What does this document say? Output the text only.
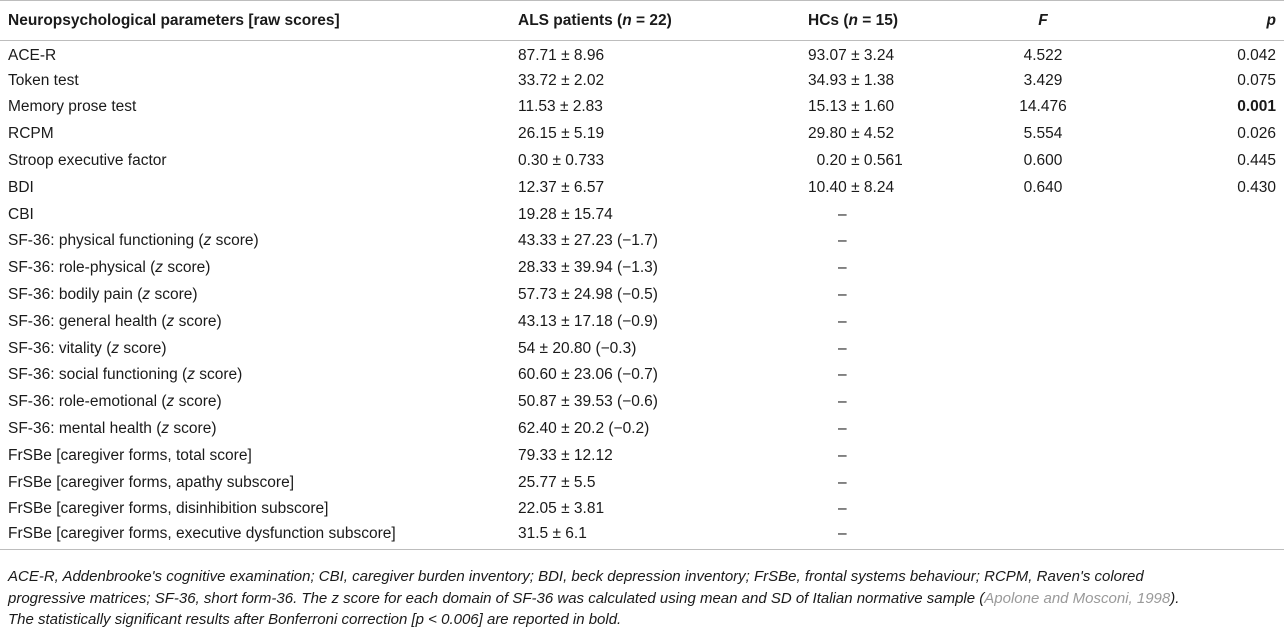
Neuropsychological parameters [raw scores]	ALS patients (n = 22)	HCs (n = 15)	F	p
ACE-R	87.71 ± 8.96	93.07 ± 3.24	4.522	0.042
Token test	33.72 ± 2.02	34.93 ± 1.38	3.429	0.075
Memory prose test	11.53 ± 2.83	15.13 ± 1.60	14.476	0.001
RCPM	26.15 ± 5.19	29.80 ± 4.52	5.554	0.026
Stroop executive factor	0.30 ± 0.733	0.20 ± 0.561	0.600	0.445
BDI	12.37 ± 6.57	10.40 ± 8.24	0.640	0.430
CBI	19.28 ± 15.74	–		
SF-36: physical functioning (z score)	43.33 ± 27.23 (−1.7)	–		
SF-36: role-physical (z score)	28.33 ± 39.94 (−1.3)	–		
SF-36: bodily pain (z score)	57.73 ± 24.98 (−0.5)	–		
SF-36: general health (z score)	43.13 ± 17.18 (−0.9)	–		
SF-36: vitality (z score)	54 ± 20.80 (−0.3)	–		
SF-36: social functioning (z score)	60.60 ± 23.06 (−0.7)	–		
SF-36: role-emotional (z score)	50.87 ± 39.53 (−0.6)	–		
SF-36: mental health (z score)	62.40 ± 20.2 (−0.2)	–		
FrSBe [caregiver forms, total score]	79.33 ± 12.12	–		
FrSBe [caregiver forms, apathy subscore]	25.77 ± 5.5	–		
FrSBe [caregiver forms, disinhibition subscore]	22.05 ± 3.81	–		
FrSBe [caregiver forms, executive dysfunction subscore]	31.5 ± 6.1	–		
ACE-R, Addenbrooke's cognitive examination; CBI, caregiver burden inventory; BDI, beck depression inventory; FrSBe, frontal systems behaviour; RCPM, Raven's colored progressive matrices; SF-36, short form-36. The z score for each domain of SF-36 was calculated using mean and SD of Italian normative sample (Apolone and Mosconi, 1998). The statistically significant results after Bonferroni correction [p < 0.006] are reported in bold.
